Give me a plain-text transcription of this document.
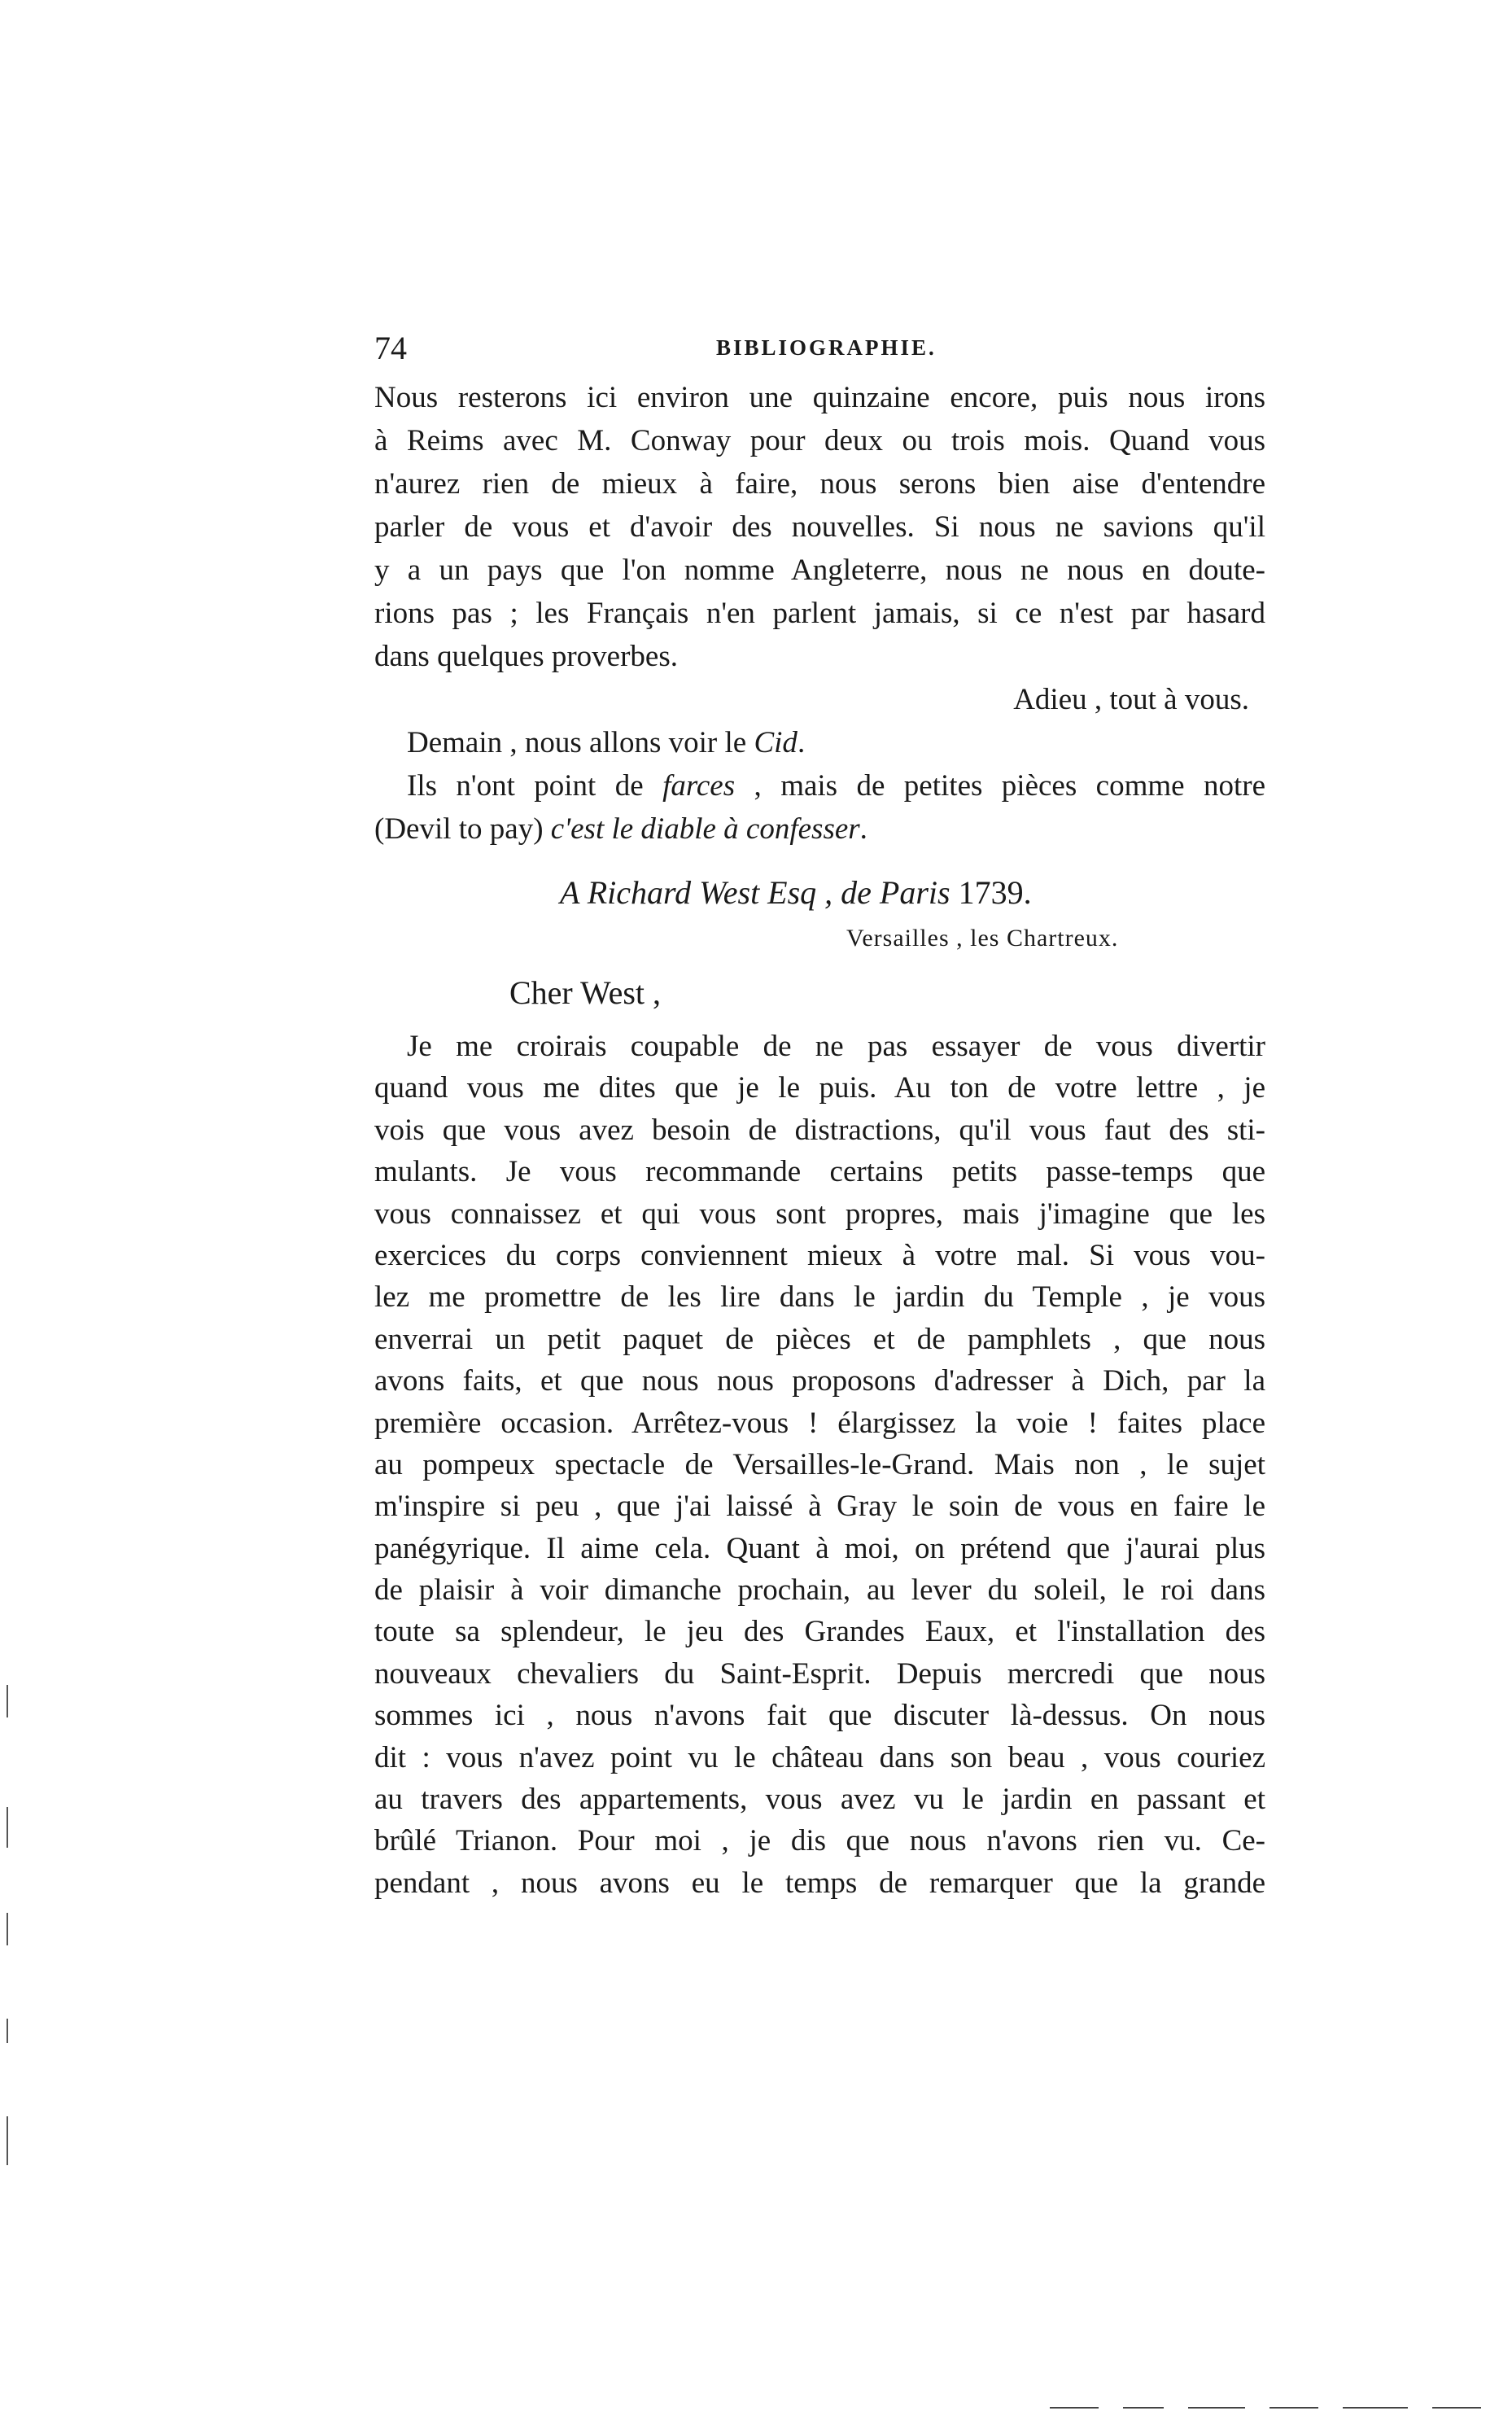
74	BIBLIOGRAPHIE.
Nous resterons ici environ une quinzaine encore, puis nous irons
à Reims avec M. Conway pour deux ou trois mois. Quand vous
n'aurez rien de mieux à faire, nous serons bien aise d'entendre
parler de vous et d'avoir des nouvelles. Si nous ne savions qu'il
y a un pays que l'on nomme Angleterre, nous ne nous en doute-
rions pas ; les Français n'en parlent jamais, si ce n'est par hasard
dans quelques proverbes.
Adieu , tout à vous.
Demain , nous allons voir le Cid.
Ils n'ont point de farces , mais de petites pièces comme notre
(Devil to pay) c'est le diable à confesser.
A Richard West Esq , de Paris 1739.
Versailles , les Chartreux.
Cher West ,
Je me croirais coupable de ne pas essayer de vous divertir
quand vous me dites que je le puis. Au ton de votre lettre , je
vois que vous avez besoin de distractions, qu'il vous faut des sti-
mulants. Je vous recommande certains petits passe-temps que
vous connaissez et qui vous sont propres, mais j'imagine que les
exercices du corps conviennent mieux à votre mal. Si vous vou-
lez me promettre de les lire dans le jardin du Temple , je vous
enverrai un petit paquet de pièces et de pamphlets , que nous
avons faits, et que nous nous proposons d'adresser à Dich, par la
première occasion. Arrêtez-vous ! élargissez la voie ! faites place
au pompeux spectacle de Versailles-le-Grand. Mais non , le sujet
m'inspire si peu , que j'ai laissé à Gray le soin de vous en faire le
panégyrique. Il aime cela. Quant à moi, on prétend que j'aurai plus
de plaisir à voir dimanche prochain, au lever du soleil, le roi dans
toute sa splendeur, le jeu des Grandes Eaux, et l'installation des
nouveaux chevaliers du Saint-Esprit. Depuis mercredi que nous
sommes ici , nous n'avons fait que discuter là-dessus. On nous
dit : vous n'avez point vu le château dans son beau , vous couriez
au travers des appartements, vous avez vu le jardin en passant et
brûlé Trianon. Pour moi , je dis que nous n'avons rien vu. Ce-
pendant , nous avons eu le temps de remarquer que la grande
